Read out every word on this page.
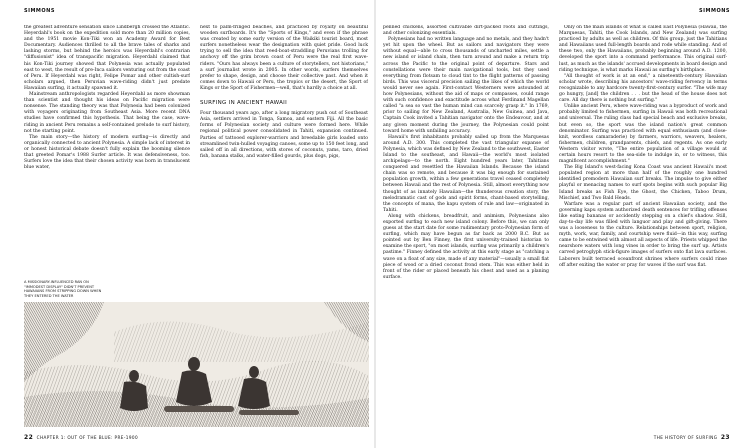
SIMMONS

the greatest adventure sensation since Lindbergh crossed the Atlantic. Heyerdahl's book on the expedition sold more than 20 million copies, and the 1951 movie Kon-Tiki won an Academy Award for Best Documentary. Audiences thrilled to all the brave tales of sharks and lashing storms, but behind the heroics was Heyerdahl's contrarian "diffusionist" idea of transpacific migration. Heyerdahl claimed that his Kon-Tiki journey showed that Polynesia was actually populated east to west, the result of pre-Inca sailors venturing out from the coast of Peru. If Heyerdahl was right, Felipe Pomar and other cultish-surf scholars argued, then Peruvian wave-riding didn't just predate Hawaiian surfing, it actually spawned it.

Mainstream anthropologists regarded Heyerdahl as more showman than scientist and thought his ideas on Pacific migration were nonsense. The standing theory was that Polynesia had been colonized with voyagers originating from Southeast Asia. More recent DNA studies have confirmed this hypothesis. That being the case, wave-riding in ancient Peru remains a self-contained prelude to surf history, not the starting point.

The main story—the history of modern surfing—is directly and organically connected to ancient Polynesia. A simple lack of interest in or honest historical debate doesn't fully explain the booming silence that greeted Pomar's 1988 Surfer article. It was defensiveness, too. Surfers love the idea that their chosen activity was born in translucent blue water,

next to palm-fringed beaches, and practiced by royalty on beautiful wooden surfboards. It's the "Sports of Kings," and even if the phrase was created by some early version of the Waikiki tourist board, most surfers nonetheless wear the designation with quiet pride. Good luck trying to sell the idea that reed-boat-straddling Peruvians trolling for anchovy off the grim brown coast of Peru were the real first wave-riders. "Ours has always been a culture of storytellers, not historians," a surf journalist wrote in 2005. In other words, surfers themselves prefer to shape, design, and choose their collective past. And when it comes down to Hawaii or Peru, the tropics or the desert, the Sport of Kings or the Sport of Fishermen—well, that's hardly a choice at all.

SURFING IN ANCIENT HAWAII

Four thousand years ago, after a long migratory push out of Southeast Asia, settlers arrived in Tonga, Samoa, and eastern Fiji. All the basic forms of Polynesian society and culture were formed here. While regional political power consolidated in Tahiti, expansion continued. Parties of tattooed explorer-warriors and breedable girls loaded onto streamlined twin-hulled voyaging canoes, some up to 150 feet long, and sailed off in all directions, with stores of coconuts, yams, taro, dried fish, banana stalks, and water-filled gourds, plus dogs, pigs,

A MISSIONARY-INFLUENCED RAN ON "IMMODEST DISPLAY" DIDN'T PREVENT HAWAIIANS FROM STRIPPING DOWN WHEN THEY ENTERED THE WATER
22 CHAPTER 1: OUT OF THE BLUE: PRE-1900
SIMMONS

penned chickens, assorted cultivable dirt-packed roots and cuttings, and other colonizing essentials.

Polynesians had no written language and no metals, and they hadn't yet hit upon the wheel. But as sailors and navigators they were without equal—able to cross thousands of uncharted miles, settle a new island or island chain, then turn around and make a return trip across the Pacific to the original point of departure. Stars and constellations were their main navigational tools, but they used everything from flotsam to cloud tint to the flight patterns of passing birds. This was visceral precision sailing the likes of which the world would never see again. First-contact Westerners were astounded at how Polynesians, without the aid of maps or compasses, could range with such confidence and exactitude across what Ferdinand Magellan called "a sea so vast the human mind can scarcely grasp it." In 1769, prior to sailing for New Zealand, Australia, New Guinea, and Java, Captain Cook invited a Tahitian navigator onto the Endeavour, and at any given moment during the journey, the Polynesian could point toward home with unfailing accuracy.

Hawaii's first inhabitants probably sailed up from the Marquesas around A.D. 300. This completed the vast triangular expanse of Polynesia, which was defined by New Zealand to the southwest, Easter Island to the southeast, and Hawaii—the world's most isolated archipelago—to the north. Eight hundred years later, Tahitians conquered and resettled the Hawaiian Islands. Because the island chain was so remote, and because it was big enough for sustained population growth, within a few generations travel ceased completely between Hawaii and the rest of Polynesia. Still, almost everything now thought of as innately Hawaiian—the thunderous creation story, the melodramatic cast of gods and spirit forms, chant-based storytelling, the concepts of mana, the kapu system of rule and law—originated in Tahiti.

Along with chickens, breadfruit, and animism, Polynesians also exported surfing to each new island colony. Before this, we can only guess at the start date for some rudimentary proto-Polynesian form of surfing, which may have begun as far back as 2000 B.C. But as pointed out by Ben Finney, the first university-trained historian to examine the sport, "on most islands, surfing was primarily a children's pastime." Finney defined the activity at this early stage as "catching a wave on a float of any size, made of any material"—usually a small flat piece of wood or a dried coconut frond stem. This was either held in front of the rider or placed beneath his chest and used as a planing surface.

Only on the main islands of what is called East Polynesia (Hawaii, the Marquesas, Tahiti, the Cook Islands, and New Zealand) was surfing practiced by adults as well as children. Of this group, just the Tahitians and Hawaiians used full-length boards and rode while standing. And of these two, only the Hawaiians, probably beginning around A.D. 1200, developed the sport into a command performance. This original surf-lust, as much as the islands' accrued developments in board design and riding technique, is what marks Hawaii as surfing's birthplace.

"All thought of work is at an end," a nineteenth-century Hawaiian scholar wrote, describing his ancestors' wave-riding fervency in terms recognizable to any hardcore twenty-first-century surfer. "The wife may go hungry, [and] the children . . . but the head of the house does not care. All day there is nothing but surfing."

Unlike ancient Peru, where wave-riding was a byproduct of work and probably limited to fishermen, surfing in Hawaii was both recreational and universal. The ruling class had special beach and exclusive breaks, but even so, the sport was the island nation's great common denominator. Surfing was practiced with equal enthusiasm (and close-knit, wordless camaraderie) by farmers, warriors, weavers, healers, fishermen, children, grandparents, chiefs, and regents. As one early Western visitor wrote, "The entire population of a village would at certain hours resort to the sea-side to indulge in, or to witness, this magnificent accomplishment."

The Big Island's west-facing Kona Coast was ancient Hawaii's most populated region at more than half of the roughly one hundred identified premodern Hawaiian surf breaks. The impulse to give either playful or menacing names to surf spots begins with such popular Big Island breaks as Fish Eye, the Ghost, the Chicken, Taboo Drum, Mischief, and Two Bald Heads.

Warfare was a regular part of ancient Hawaiian society, and the governing kapu system authorized death sentences for trifling offenses like eating bananas or accidently stepping on a chief's shadow. Still, day-to-day life was filled with languor and play and gift-giving. There was a looseness to the culture. Relationships between sport, religion, myth, work, war, family, and courtship were fluid—in this way, surfing came to be entwined with almost all aspects of life. Priests whipped the nearshore waters with long vines in order to bring the surf up. Artists carved petroglyph stick-figure images of surfers onto flat lava surfaces. Laborers built terraced oceanfront shrines where surfers could rinse off after exiting the water or pray for waves if the surf was flat.

THE HISTORY OF SURFING 23
